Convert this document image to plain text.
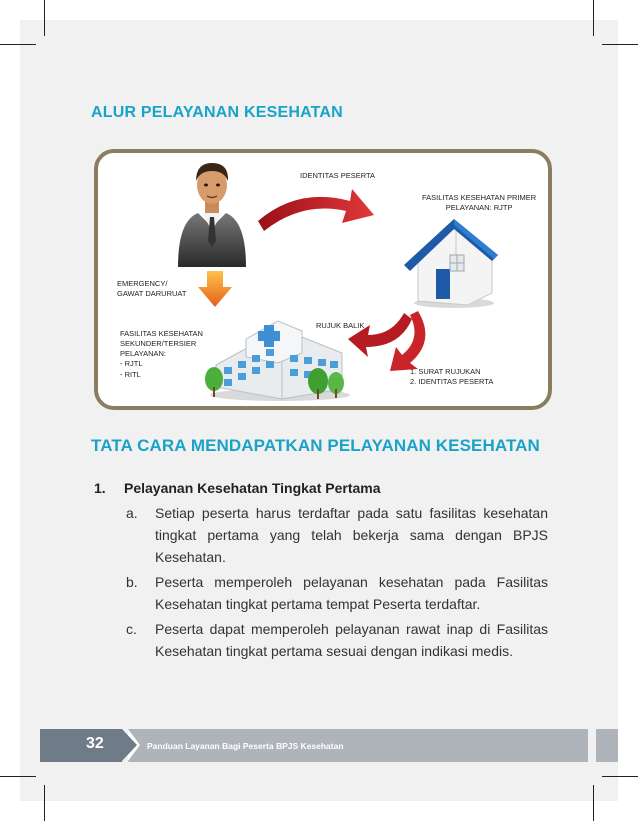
ALUR PELAYANAN KESEHATAN
IDENTITAS PESERTA
FASILITAS KESEHATAN PRIMER
PELAYANAN: RJTP
EMERGENCY/
GAWAT DARURUAT
RUJUK BALIK
FASILITAS KESEHATAN
SEKUNDER/TERSIER
PELAYANAN:
- RJTL
- RITL	1. SURAT RUJUKAN
2. IDENTITAS PESERTA
TATA CARA MENDAPATKAN PELAYANAN KESEHATAN
1. Pelayanan Kesehatan Tingkat Pertama
a. Setiap peserta harus terdaftar pada satu fasilitas kesehatan tingkat pertama yang telah bekerja sama dengan BPJS Kesehatan.
b. Peserta memperoleh pelayanan kesehatan pada Fasilitas Kesehatan tingkat pertama tempat Peserta terdaftar.
c. Peserta dapat memperoleh pelayanan rawat inap di Fasilitas Kesehatan tingkat pertama sesuai dengan indikasi medis.
32	Panduan Layanan Bagi Peserta BPJS Kesehatan
